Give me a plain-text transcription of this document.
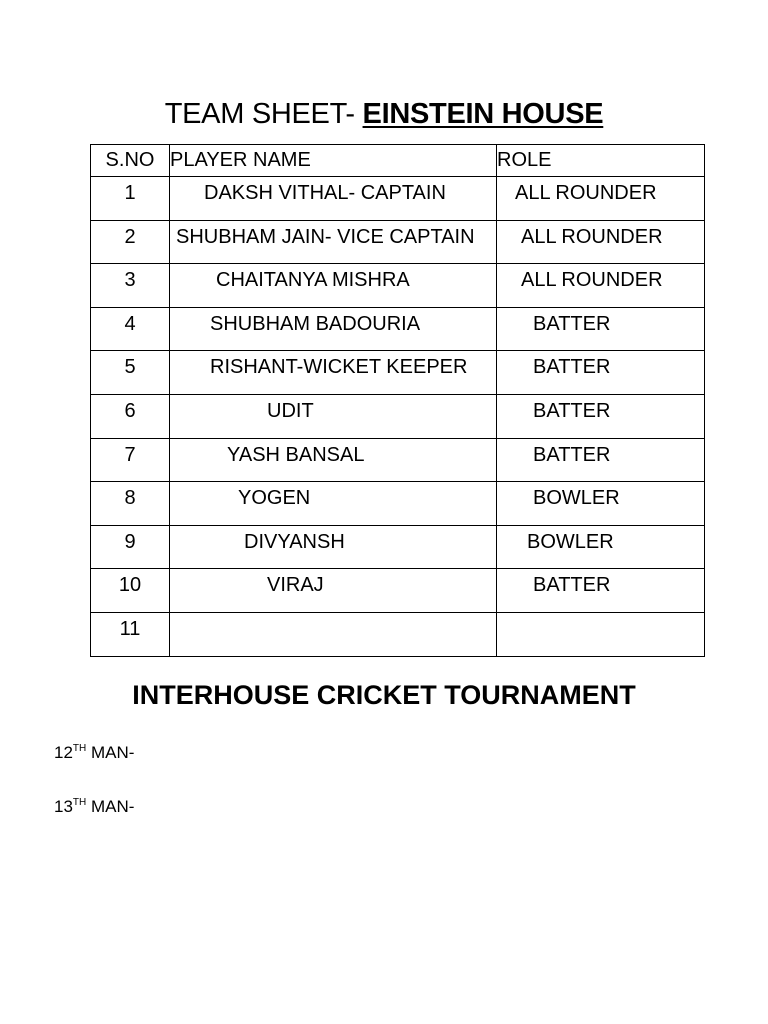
TEAM SHEET- EINSTEIN HOUSE
S.NO	PLAYER NAME	ROLE
1	DAKSH VITHAL- CAPTAIN	ALL ROUNDER
2	SHUBHAM JAIN- VICE CAPTAIN	ALL ROUNDER
3	CHAITANYA MISHRA	ALL ROUNDER
4	SHUBHAM BADOURIA	BATTER
5	RISHANT-WICKET KEEPER	BATTER
6	UDIT	BATTER
7	YASH BANSAL	BATTER
8	YOGEN	BOWLER
9	DIVYANSH	BOWLER
10	VIRAJ	BATTER
11		
INTERHOUSE CRICKET TOURNAMENT
12TH MAN-
13TH MAN-
